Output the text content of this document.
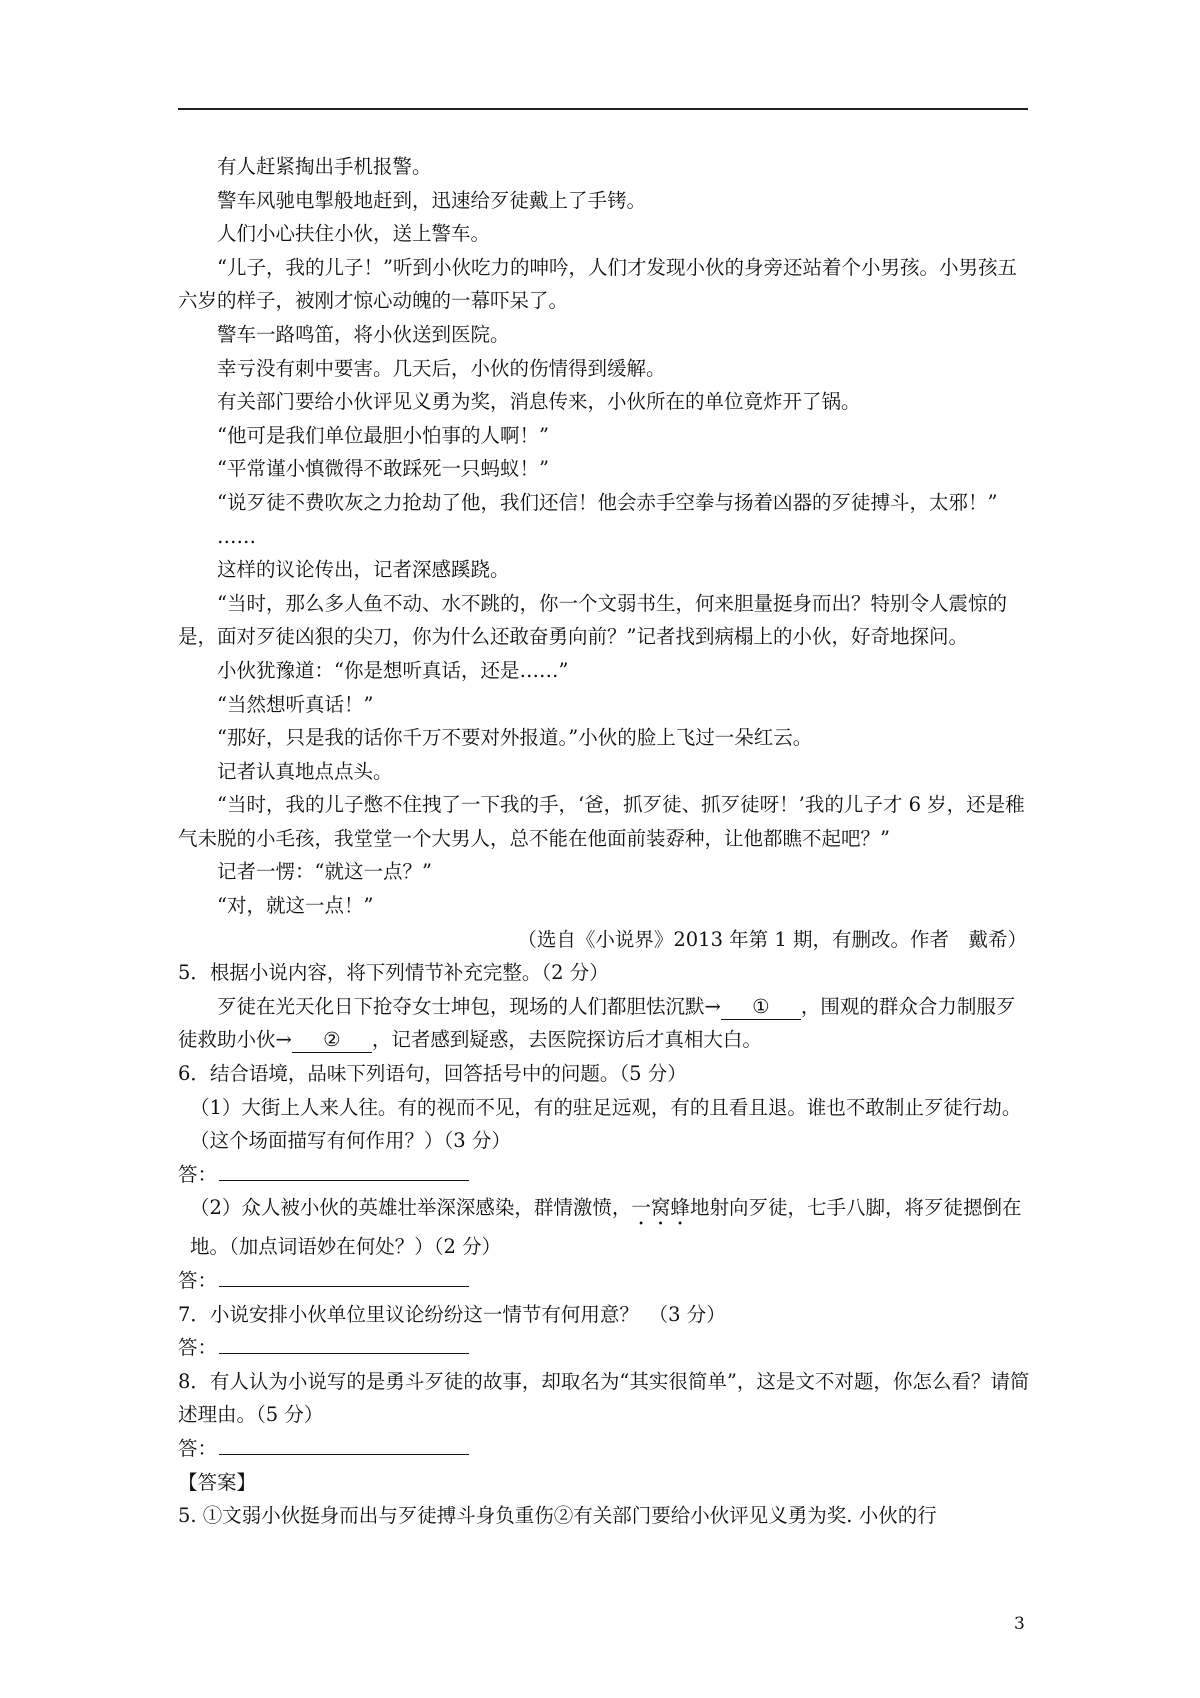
有人赶紧掏出手机报警。

警车风驰电掣般地赶到，迅速给歹徒戴上了手铐。

人们小心扶住小伙，送上警车。

“儿子，我的儿子！”听到小伙吃力的呻吟，人们才发现小伙的身旁还站着个小男孩。小男孩五六岁的样子，被刚才惊心动魄的一幕吓呆了。

警车一路鸣笛，将小伙送到医院。

幸亏没有刺中要害。几天后，小伙的伤情得到缓解。

有关部门要给小伙评见义勇为奖，消息传来，小伙所在的单位竟炸开了锅。

“他可是我们单位最胆小怕事的人啊！”

“平常谨小慎微得不敢踩死一只蚂蚁！”

“说歹徒不费吹灰之力抢劫了他，我们还信！他会赤手空拳与扬着凶器的歹徒搏斗，太邪！”

……

这样的议论传出，记者深感蹊跷。

“当时，那么多人鱼不动、水不跳的，你一个文弱书生，何来胆量挺身而出？特别令人震惊的是，面对歹徒凶狠的尖刀，你为什么还敢奋勇向前？”记者找到病榻上的小伙，好奇地探问。

小伙犹豫道：“你是想听真话，还是……”

“当然想听真话！”

“那好，只是我的话你千万不要对外报道。”小伙的脸上飞过一朵红云。

记者认真地点点头。

“当时，我的儿子憋不住拽了一下我的手，‘爸，抓歹徒、抓歹徒呀！’我的儿子才 6 岁，还是稚气未脱的小毛孩，我堂堂一个大男人，总不能在他面前装孬种，让他都瞧不起吧？”

记者一愣：“就这一点？”

“对，就这一点！”

（选自《小说界》2013 年第 1 期，有删改。作者　戴希）

5．根据小说内容，将下列情节补充完整。（2 分）

歹徒在光天化日下抢夺女士坤包，现场的人们都胆怯沉默→ ① ，围观的群众合力制服歹徒救助小伙→ ② ，记者感到疑惑，去医院探访后才真相大白。

6．结合语境，品味下列语句，回答括号中的问题。（5 分）

（1）大街上人来人往。有的视而不见，有的驻足远观，有的且看且退。谁也不敢制止歹徒行劫。（这个场面描写有何作用？）（3 分）

答：

（2）众人被小伙的英雄壮举深深感染，群情激愤，一窝蜂地射向歹徒，七手八脚，将歹徒摁倒在地。（加点词语妙在何处？）（2 分）

答：

7．小说安排小伙单位里议论纷纷这一情节有何用意？　（3 分）

答：

8．有人认为小说写的是勇斗歹徒的故事，却取名为“其实很简单”，这是文不对题，你怎么看？请简述理由。（5 分）

答：

【答案】

5. ①文弱小伙挺身而出与歹徒搏斗身负重伤②有关部门要给小伙评见义勇为奖. 小伙的行

3
